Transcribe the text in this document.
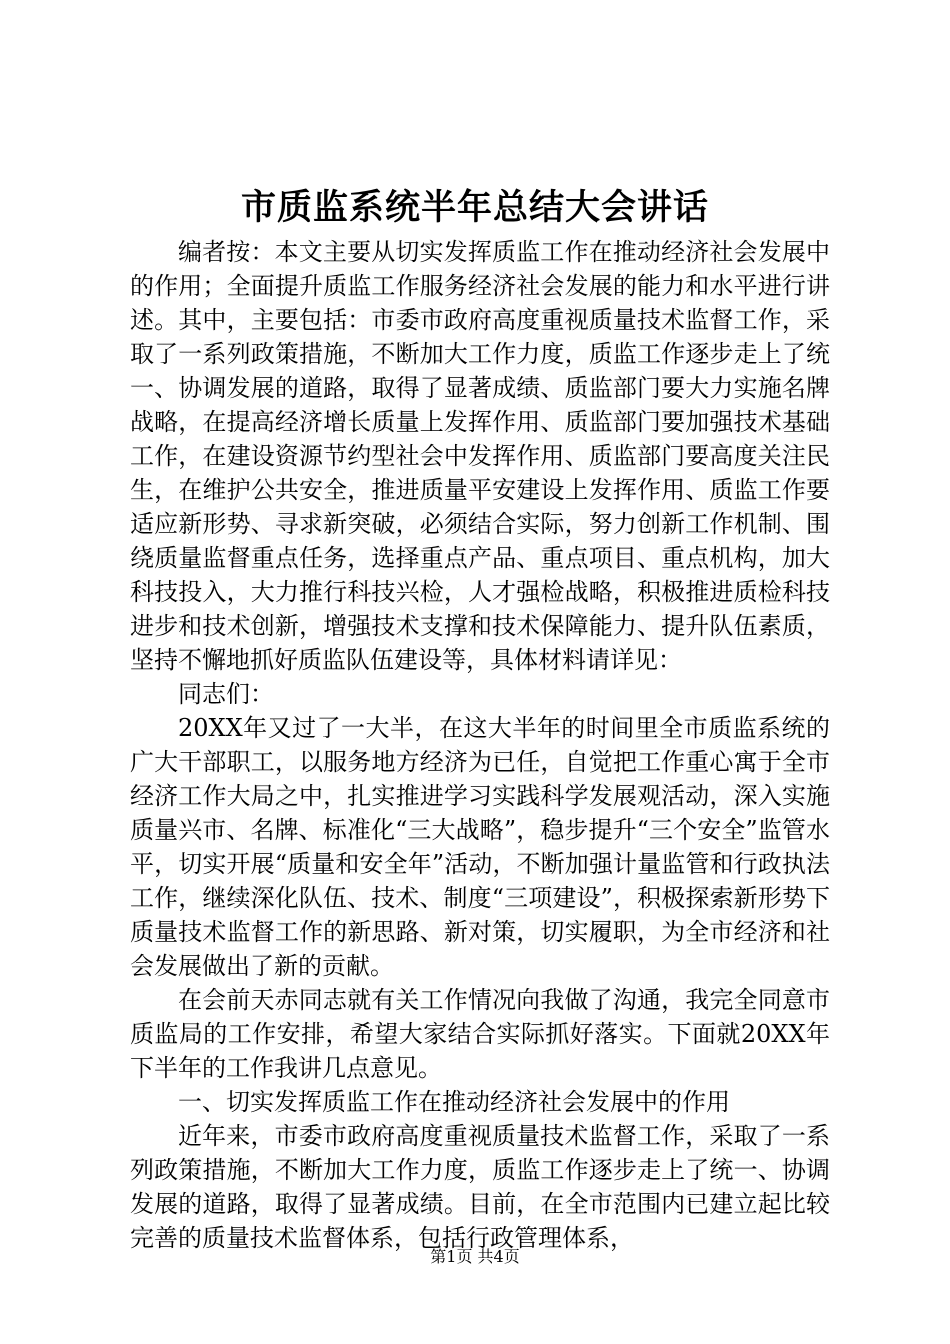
市质监系统半年总结大会讲话

编者按：本文主要从切实发挥质监工作在推动经济社会发展中的作用；全面提升质监工作服务经济社会发展的能力和水平进行讲述。其中，主要包括：市委市政府高度重视质量技术监督工作，采取了一系列政策措施，不断加大工作力度，质监工作逐步走上了统一、协调发展的道路，取得了显著成绩、质监部门要大力实施名牌战略，在提高经济增长质量上发挥作用、质监部门要加强技术基础工作，在建设资源节约型社会中发挥作用、质监部门要高度关注民生，在维护公共安全，推进质量平安建设上发挥作用、质监工作要适应新形势、寻求新突破，必须结合实际，努力创新工作机制、围绕质量监督重点任务，选择重点产品、重点项目、重点机构，加大科技投入，大力推行科技兴检，人才强检战略，积极推进质检科技进步和技术创新，增强技术支撑和技术保障能力、提升队伍素质，坚持不懈地抓好质监队伍建设等，具体材料请详见：

同志们：

20XX年又过了一大半，在这大半年的时间里全市质监系统的广大干部职工，以服务地方经济为已任，自觉把工作重心寓于全市经济工作大局之中，扎实推进学习实践科学发展观活动，深入实施质量兴市、名牌、标准化“三大战略”，稳步提升“三个安全”监管水平，切实开展“质量和安全年”活动，不断加强计量监管和行政执法工作，继续深化队伍、技术、制度“三项建设”，积极探索新形势下质量技术监督工作的新思路、新对策，切实履职，为全市经济和社会发展做出了新的贡献。

在会前天赤同志就有关工作情况向我做了沟通，我完全同意市质监局的工作安排，希望大家结合实际抓好落实。下面就20XX年下半年的工作我讲几点意见。

一、切实发挥质监工作在推动经济社会发展中的作用

近年来，市委市政府高度重视质量技术监督工作，采取了一系列政策措施，不断加大工作力度，质监工作逐步走上了统一、协调发展的道路，取得了显著成绩。目前，在全市范围内已建立起比较完善的质量技术监督体系，包括行政管理体系，

第1页 共4页
